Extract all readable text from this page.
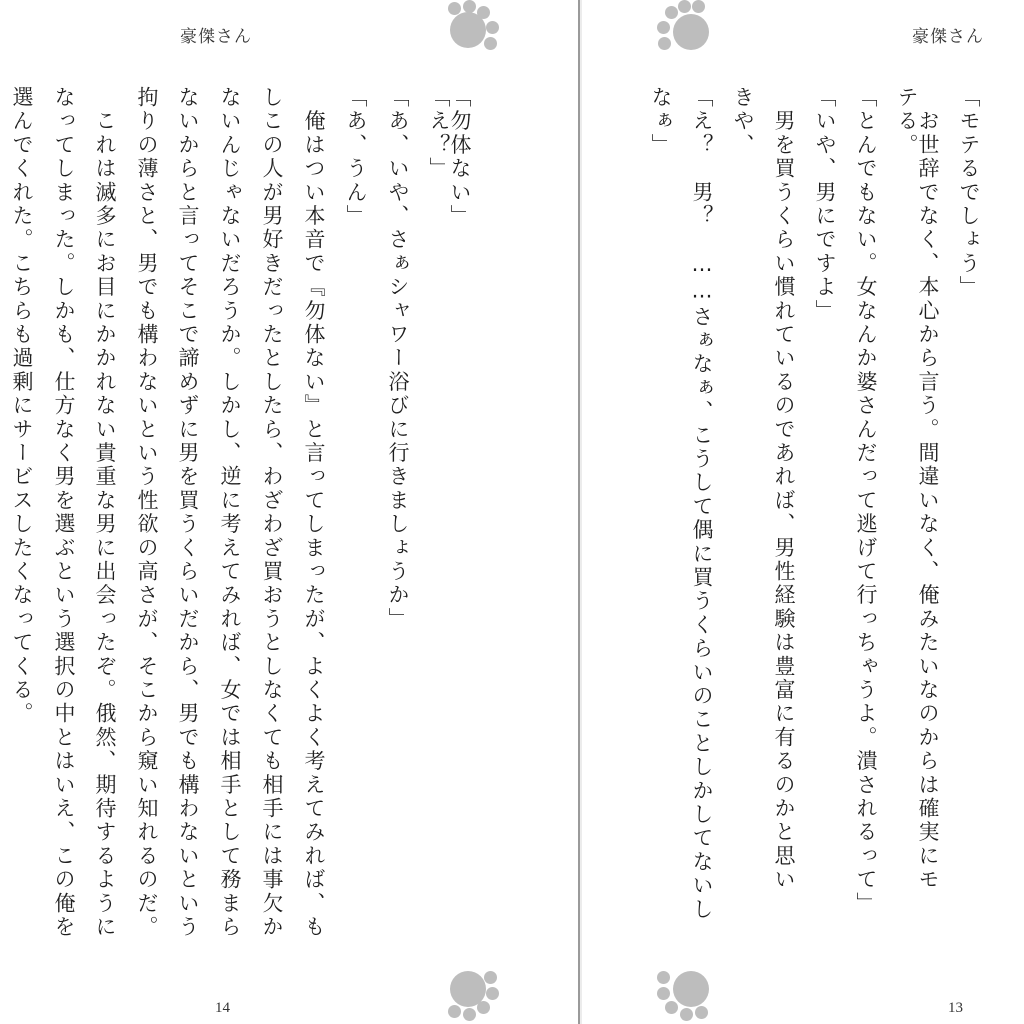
豪傑さん
「勿体ない」
「え？」
「あ、いや、さぁシャワー浴びに行きましょうか」
「あ、うん」
　俺はつい本音で『勿体ない』と言ってしまったが、よくよく考えてみれば、も
しこの人が男好きだったとしたら、わざわざ買おうとしなくても相手には事欠か
ないんじゃないだろうか。しかし、逆に考えてみれば、女では相手として務まら
ないからと言ってそこで諦めずに男を買うくらいだから、男でも構わないという
拘りの薄さと、男でも構わないという性欲の高さが、そこから窺い知れるのだ。
　これは滅多にお目にかかれない貴重な男に出会ったぞ。俄然、期待するように
なってしまった。しかも、仕方なく男を選ぶという選択の中とはいえ、この俺を
選んでくれた。こちらも過剰にサービスしたくなってくる。
14
豪傑さん
「モテるでしょう」
　お世辞でなく、本心から言う。間違いなく、俺みたいなのからは確実にモ
テる。
「とんでもない。女なんか婆さんだって逃げて行っちゃうよ。潰されるって」
「いや、男にですよ」
　男を買うくらい慣れているのであれば、男性経験は豊富に有るのかと思い
きや、
「え？　男？　……さぁなぁ、こうして偶に買うくらいのことしかしてないし
なぁ」
13
